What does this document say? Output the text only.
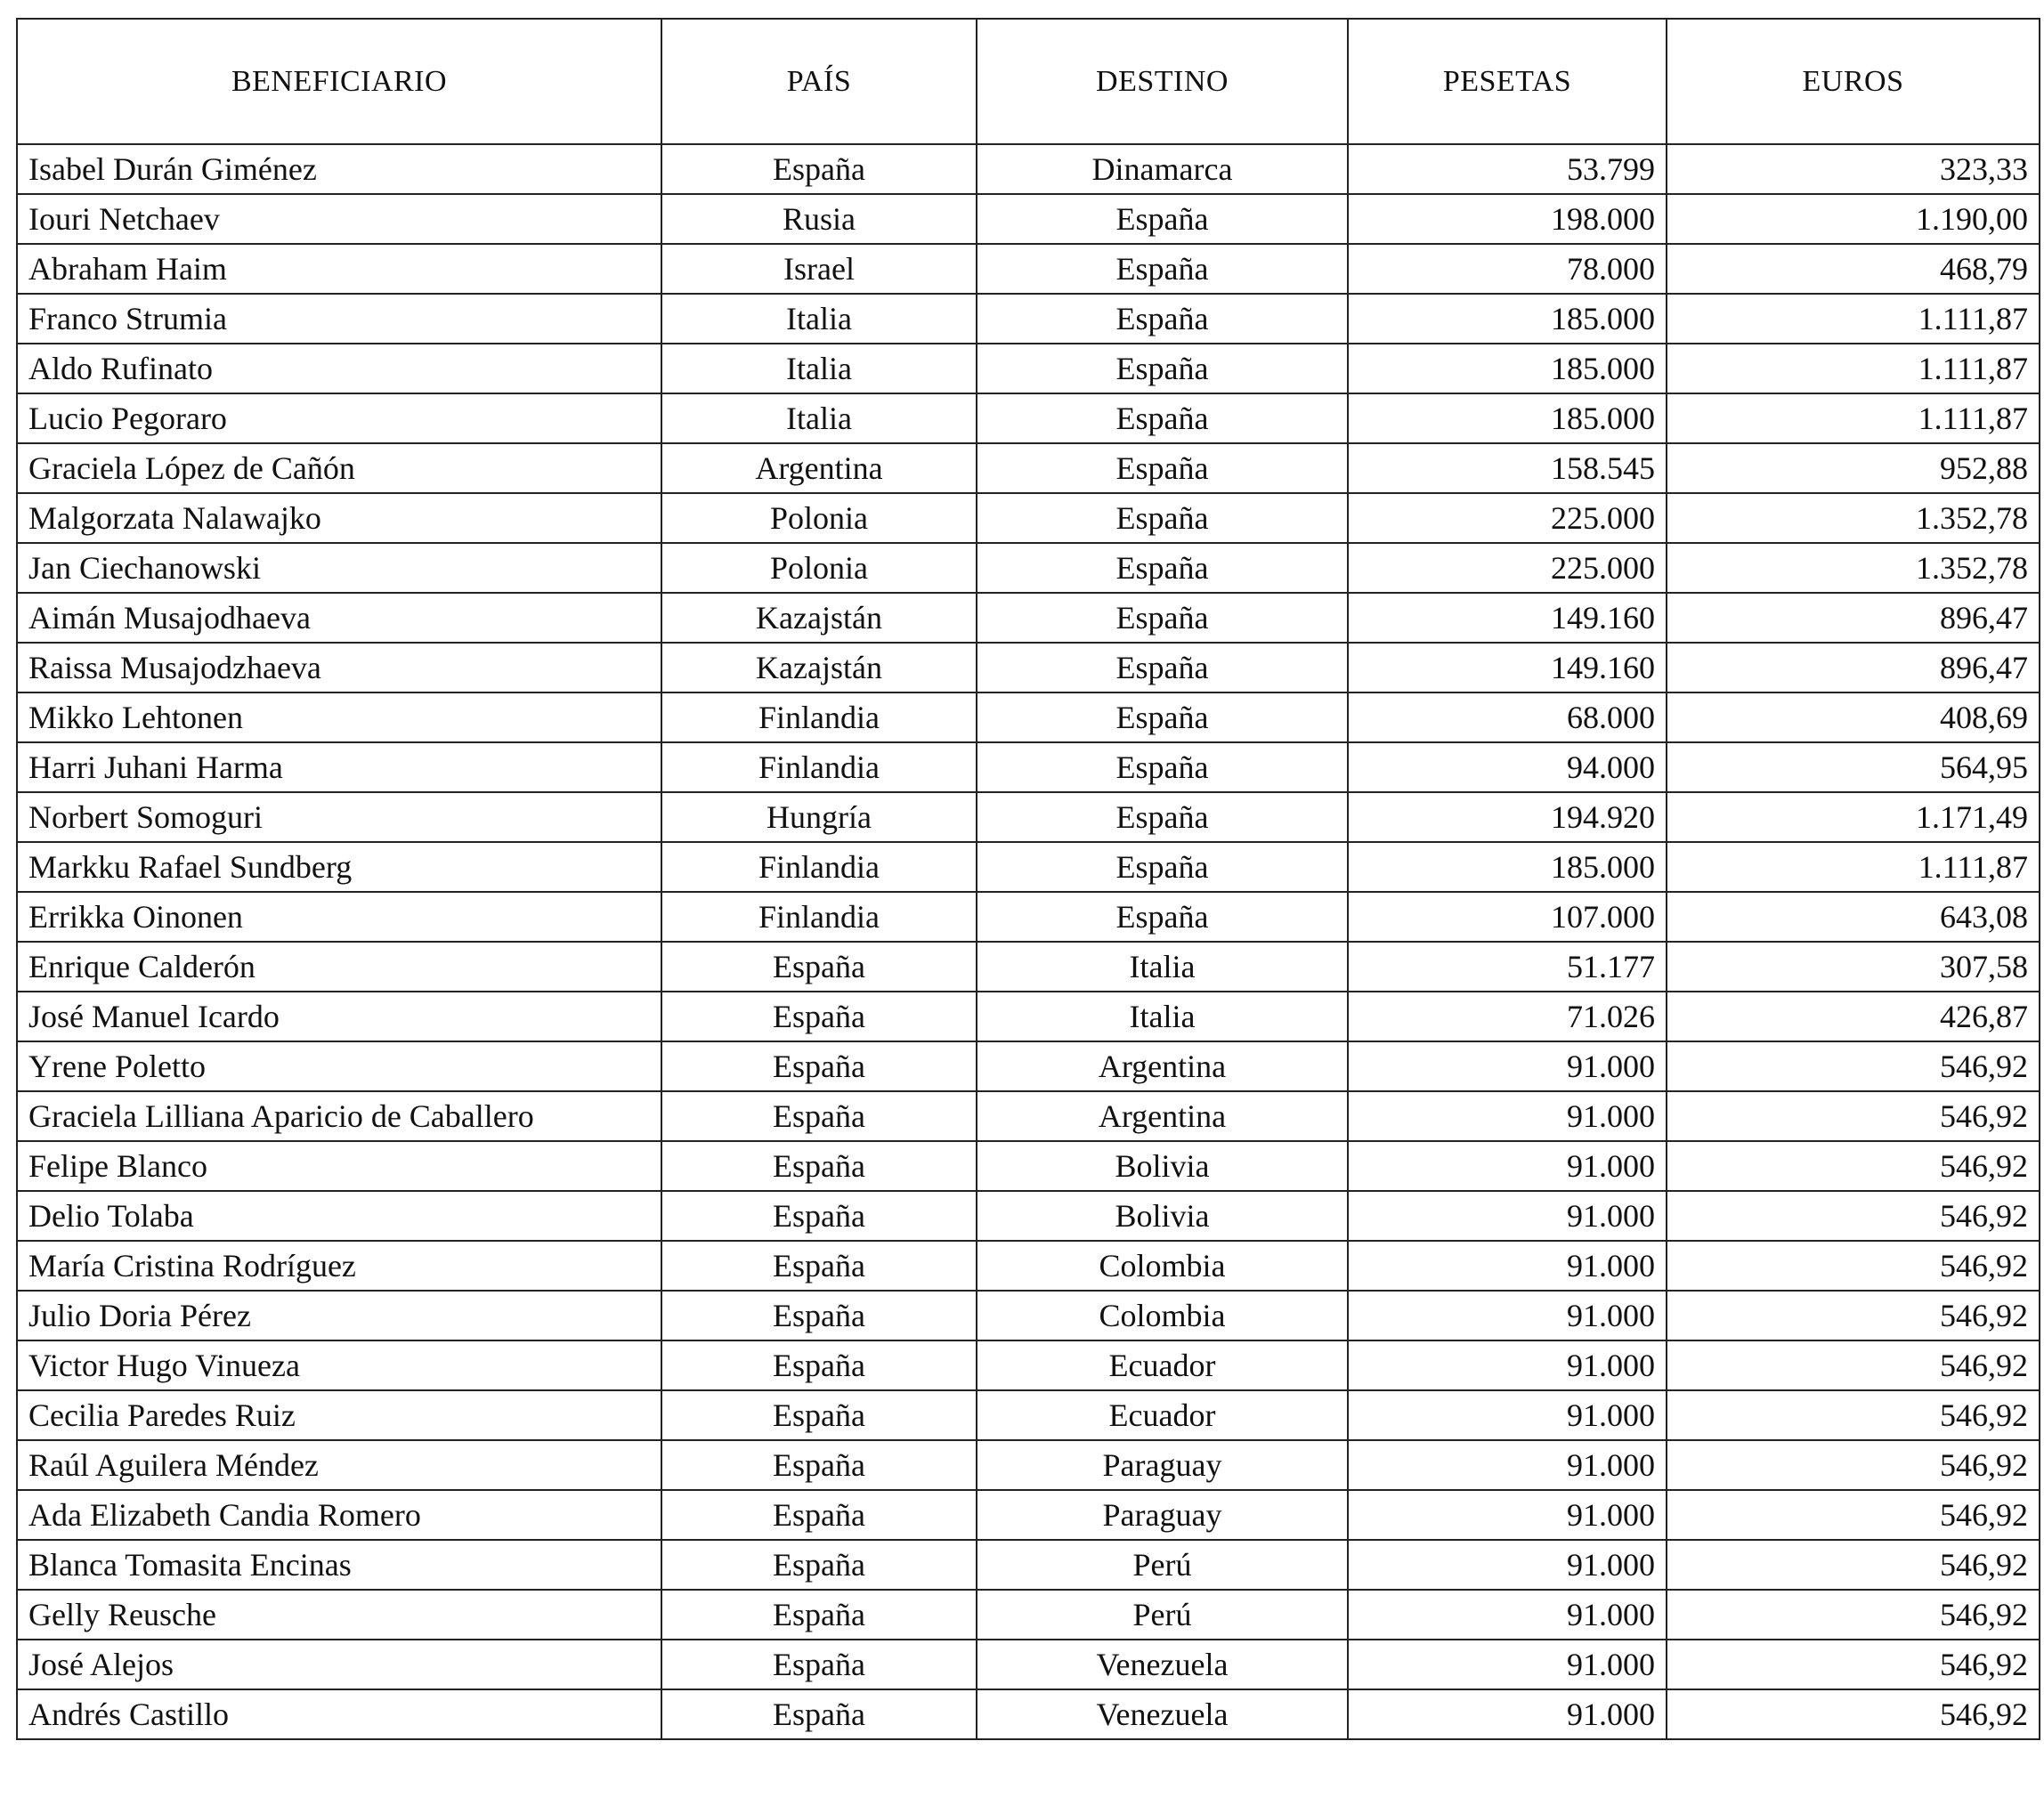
BENEFICIARIO	PAÍS	DESTINO	PESETAS	EUROS
Isabel Durán Giménez	España	Dinamarca	53.799	323,33
Iouri Netchaev	Rusia	España	198.000	1.190,00
Abraham Haim	Israel	España	78.000	468,79
Franco Strumia	Italia	España	185.000	1.111,87
Aldo Rufinato	Italia	España	185.000	1.111,87
Lucio Pegoraro	Italia	España	185.000	1.111,87
Graciela López de Cañón	Argentina	España	158.545	952,88
Malgorzata Nalawajko	Polonia	España	225.000	1.352,78
Jan Ciechanowski	Polonia	España	225.000	1.352,78
Aimán Musajodhaeva	Kazajstán	España	149.160	896,47
Raissa Musajodzhaeva	Kazajstán	España	149.160	896,47
Mikko Lehtonen	Finlandia	España	68.000	408,69
Harri Juhani Harma	Finlandia	España	94.000	564,95
Norbert Somoguri	Hungría	España	194.920	1.171,49
Markku Rafael Sundberg	Finlandia	España	185.000	1.111,87
Errikka Oinonen	Finlandia	España	107.000	643,08
Enrique Calderón	España	Italia	51.177	307,58
José Manuel Icardo	España	Italia	71.026	426,87
Yrene Poletto	España	Argentina	91.000	546,92
Graciela Lilliana Aparicio de Caballero	España	Argentina	91.000	546,92
Felipe Blanco	España	Bolivia	91.000	546,92
Delio Tolaba	España	Bolivia	91.000	546,92
María Cristina Rodríguez	España	Colombia	91.000	546,92
Julio Doria Pérez	España	Colombia	91.000	546,92
Victor Hugo Vinueza	España	Ecuador	91.000	546,92
Cecilia Paredes Ruiz	España	Ecuador	91.000	546,92
Raúl Aguilera Méndez	España	Paraguay	91.000	546,92
Ada Elizabeth Candia Romero	España	Paraguay	91.000	546,92
Blanca Tomasita Encinas	España	Perú	91.000	546,92
Gelly Reusche	España	Perú	91.000	546,92
José Alejos	España	Venezuela	91.000	546,92
Andrés Castillo	España	Venezuela	91.000	546,92
